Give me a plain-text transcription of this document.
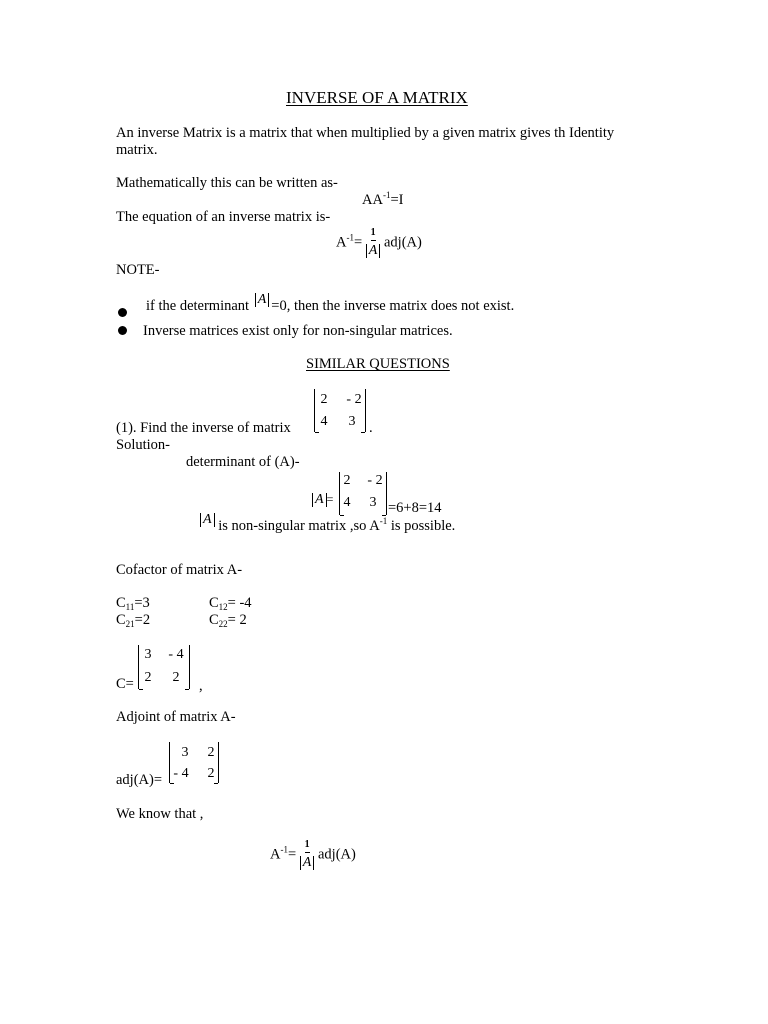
INVERSE OF A MATRIX
An inverse Matrix is a matrix that when multiplied by a given matrix gives th Identity
matrix.
Mathematically this can be written as-
$AA^{-1}=I$
The equation of an inverse matrix is-
$A^{-1}= \frac{1}{A} adj(A)$
NOTE-
if the determinant A =0, then the inverse matrix does not exist.
Inverse matrices exist only for non-singular matrices.
SIMILAR QUESTIONS
(1). Find the inverse of matrix
2	- 2
4	3 .
Solution-
determinant of (A)-
A =
2	- 2
4	3 =6+8=14
A is non-singular matrix ,so $A^{-1}$ is possible.
Cofactor of matrix A-
$C_{11}=3$	$C_{12}= -4$
$C_{21}=2$	$C_{22}= 2$
C=
3	- 4
2	2
,
Adjoint of matrix A-
adj(A)=
3	2
- 4	2
We know that ,
$A^{-1}= \frac{1}{A} adj(A)$
